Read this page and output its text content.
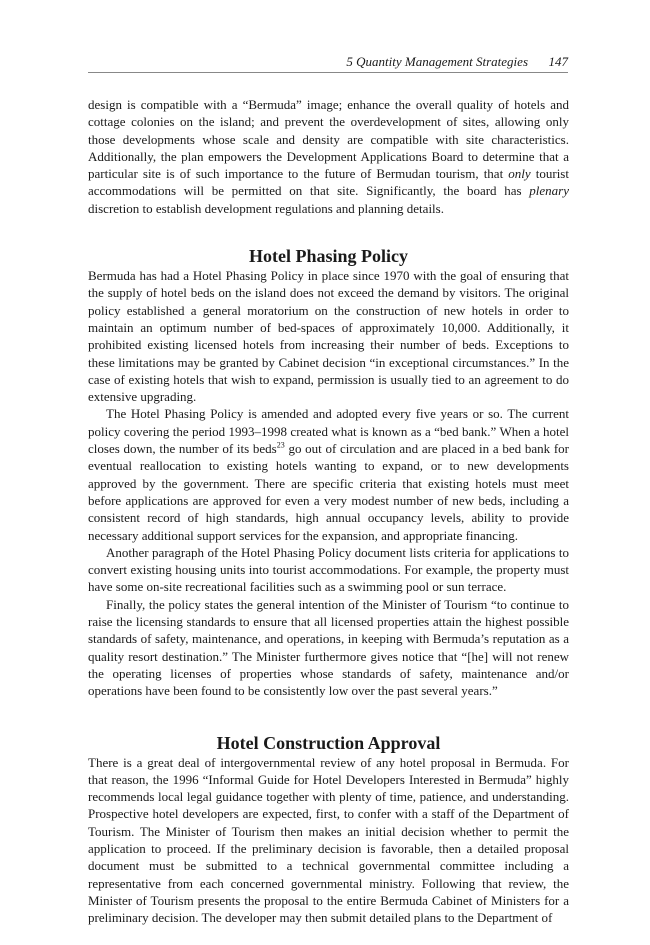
5 Quantity Management Strategies 147

design is compatible with a “Bermuda” image; enhance the overall quality of hotels and cottage colonies on the island; and prevent the overdevelopment of sites, allowing only those developments whose scale and density are compatible with site characteristics. Additionally, the plan empowers the Development Applications Board to determine that a particular site is of such importance to the future of Bermudan tourism, that only tourist accommodations will be permitted on that site. Significantly, the board has plenary discretion to establish development regulations and planning details.

Hotel Phasing Policy

Bermuda has had a Hotel Phasing Policy in place since 1970 with the goal of ensuring that the supply of hotel beds on the island does not exceed the demand by visitors. The original policy established a general moratorium on the construction of new hotels in order to maintain an optimum number of bed-spaces of approximately 10,000. Additionally, it prohibited existing licensed hotels from increasing their number of beds. Exceptions to these limitations may be granted by Cabinet decision “in exceptional circumstances.” In the case of existing hotels that wish to expand, permission is usually tied to an agreement to do extensive upgrading.

The Hotel Phasing Policy is amended and adopted every five years or so. The current policy covering the period 1993–1998 created what is known as a “bed bank.” When a hotel closes down, the number of its beds$^{23}$ go out of circulation and are placed in a bed bank for eventual reallocation to existing hotels wanting to expand, or to new developments approved by the government. There are specific criteria that existing hotels must meet before applications are approved for even a very modest number of new beds, including a consistent record of high standards, high annual occupancy levels, ability to provide necessary additional support services for the expansion, and appropriate financing.

Another paragraph of the Hotel Phasing Policy document lists criteria for applications to convert existing housing units into tourist accommodations. For example, the property must have some on-site recreational facilities such as a swimming pool or sun terrace.

Finally, the policy states the general intention of the Minister of Tourism “to continue to raise the licensing standards to ensure that all licensed properties attain the highest possible standards of safety, maintenance, and operations, in keeping with Bermuda’s reputation as a quality resort destination.” The Minister furthermore gives notice that “[he] will not renew the operating licenses of properties whose standards of safety, maintenance and/or operations have been found to be consistently low over the past several years.”

Hotel Construction Approval

There is a great deal of intergovernmental review of any hotel proposal in Bermuda. For that reason, the 1996 “Informal Guide for Hotel Developers Interested in Bermuda” highly recommends local legal guidance together with plenty of time, patience, and understanding. Prospective hotel developers are expected, first, to confer with a staff of the Department of Tourism. The Minister of Tourism then makes an initial decision whether to permit the application to proceed. If the preliminary decision is favorable, then a detailed proposal document must be submitted to a technical governmental committee including a representative from each concerned governmental ministry. Following that review, the Minister of Tourism presents the proposal to the entire Bermuda Cabinet of Ministers for a preliminary decision. The developer may then submit detailed plans to the Department of
